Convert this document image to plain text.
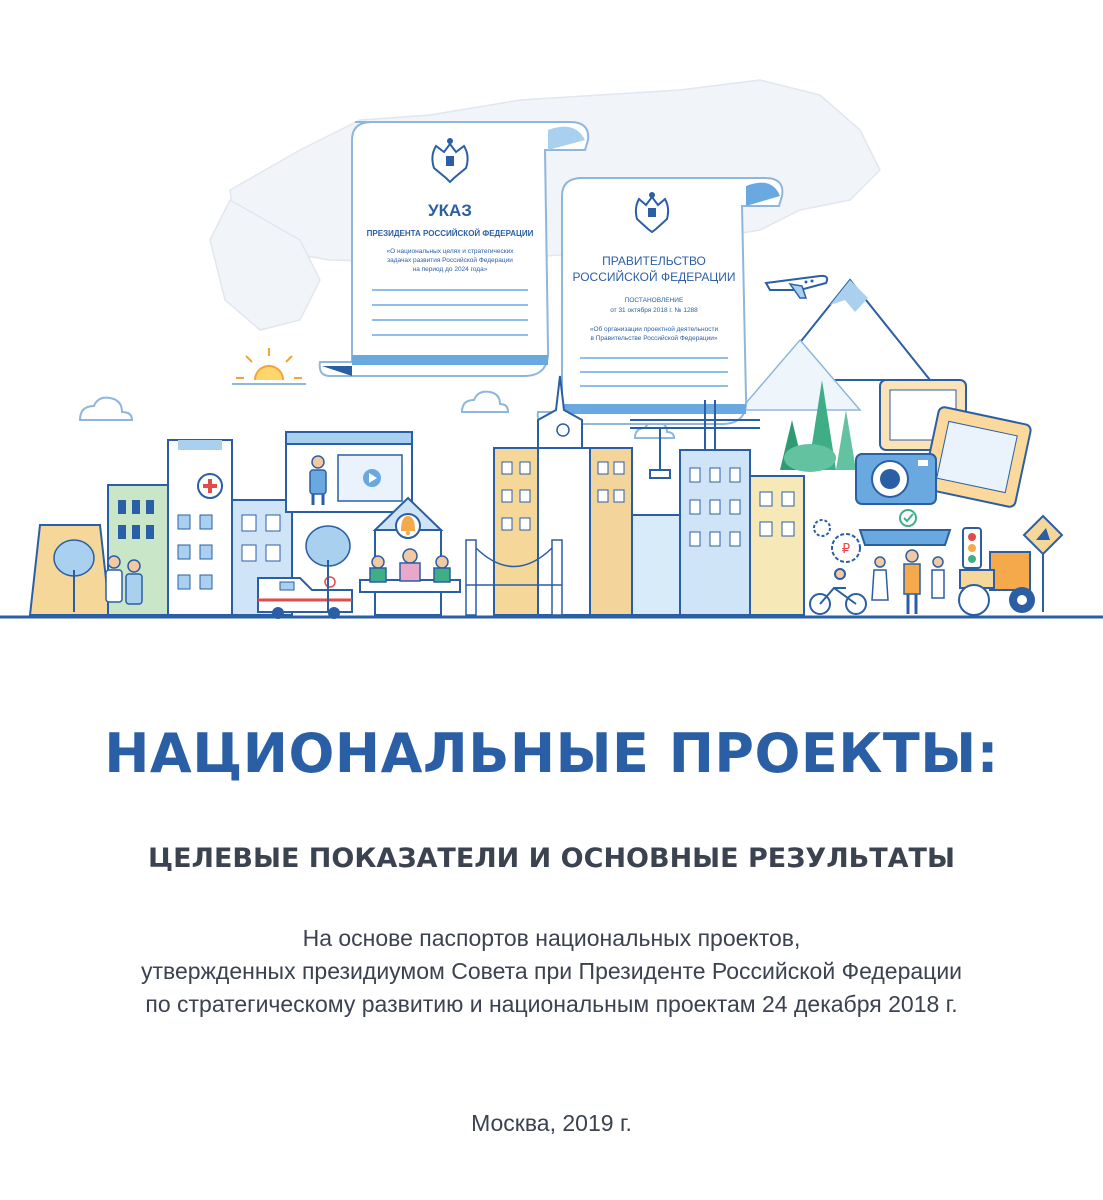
УКАЗ
ПРЕЗИДЕНТА РОССИЙСКОЙ ФЕДЕРАЦИИ
«О национальных целях и стратегических
задачах развития Российской Федерации
на период до 2024 года»
ПРАВИТЕЛЬСТВО
РОССИЙСКОЙ ФЕДЕРАЦИИ
ПОСТАНОВЛЕНИЕ
от 31 октября 2018 г. № 1288
«Об организации проектной деятельности
в Правительстве Российской Федерации»
₽
НАЦИОНАЛЬНЫЕ ПРОЕКТЫ:
ЦЕЛЕВЫЕ ПОКАЗАТЕЛИ И ОСНОВНЫЕ РЕЗУЛЬТАТЫ

На основе паспортов национальных проектов,
утвержденных президиумом Совета при Президенте Российской Федерации
по стратегическому развитию и национальным проектам 24 декабря 2018 г.

Москва, 2019 г.
